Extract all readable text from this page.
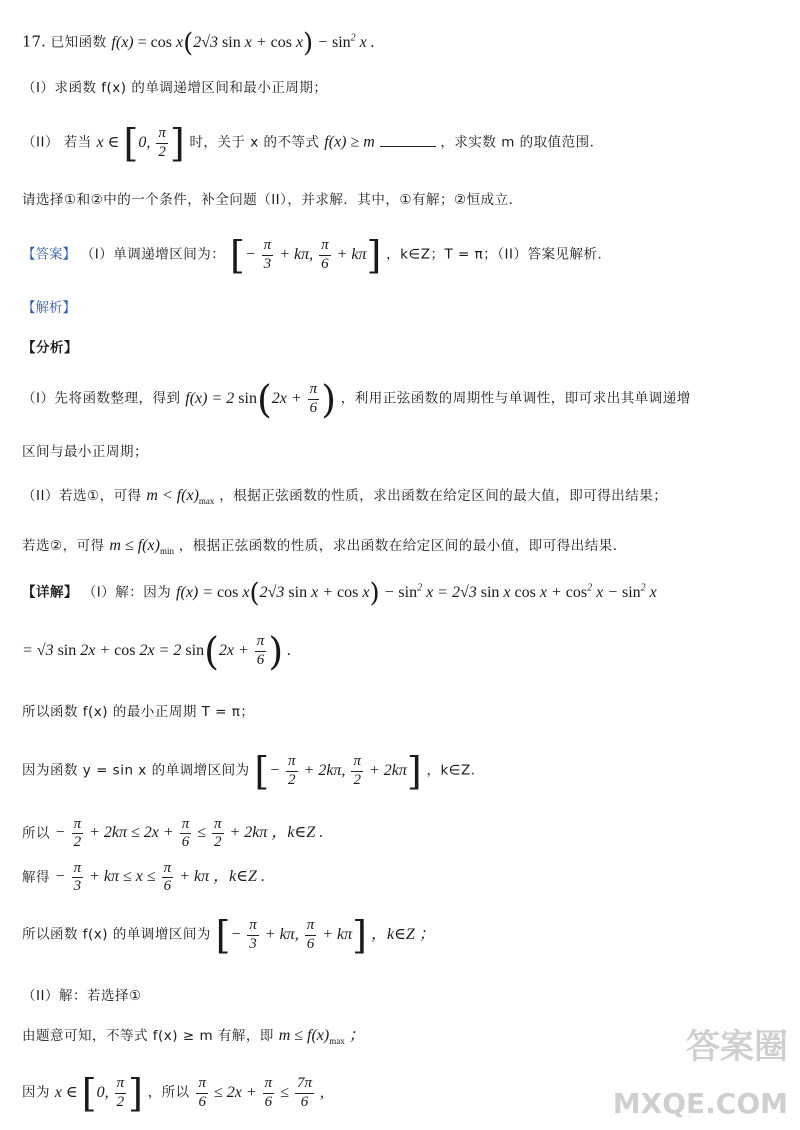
17. 已知函数 f(x) = cos x(2√3 $\sin x + \cos x) - \sin^2 x$ .
（I）求函数 f(x) 的单调递增区间和最小正周期；
（II） 若当 x ∈ [0, $\frac{\pi}{2}$ ] 时，关于 x 的不等式 f(x) ≥ m	，求实数 m 的取值范围.
请选择①和②中的一个条件，补全问题（II），并求解．其中，①有解；②恒成立.
【答案】 （I）单调递增区间为： [− $\frac{\pi}{3} + k\pi$, $\frac{\pi}{6} + k\pi$] ，k∈Z；T = π；（II）答案见解析.
【解析】
【分析】
（I）先将函数整理，得到 f(x) = 2 $\sin(2x + \frac{\pi}{6}$ ) ，利用正弦函数的周期性与单调性，即可求出其单调递增
区间与最小正周期；
（II）若选①，可得 $m < f(x)_{max}$ ，根据正弦函数的性质，求出函数在给定区间的最大值，即可得出结果；
若选②，可得 $m \le f(x)_{min}$ ，根据正弦函数的性质，求出函数在给定区间的最小值，即可得出结果.
【详解】 （I）解：因为 f(x) = cos x(2√3 $\sin x + \cos x) - \sin^2 x = 2√3$ sin x $\cos x + \cos^2 x - \sin^2 x$
= √3 sin 2x + cos 2x = 2 $\sin(2x + \frac{\pi}{6}$ ) .
所以函数 f(x) 的最小正周期 T = π；
因为函数 y = sin x 的单调增区间为 [− $\frac{\pi}{2} + 2k\pi$, $\frac{\pi}{2} + 2k\pi$] ，k∈Z.
所以 − $\frac{\pi}{2} + 2k\pi \le 2x + \frac{\pi}{6} \le \frac{\pi}{2} + 2k\pi$ ，k∈Z .
解得 − $\frac{\pi}{3} + k\pi \le x \le \frac{\pi}{6} + k\pi$ ，k∈Z .
所以函数 f(x) 的单调增区间为 [− $\frac{\pi}{3} + k\pi$, $\frac{\pi}{6} + k\pi$] ，k∈Z ；
（II）解：若选择①
由题意可知，不等式 f(x) ≥ m 有解，即 $m \le f(x)_{max}$ ；
因为 x ∈ [0, $\frac{\pi}{2}$ ] ，所以 $\frac{\pi}{6} \le 2x + \frac{\pi}{6} \le \frac{7\pi}{6}$ ,
答案圈
MXQE.COM
